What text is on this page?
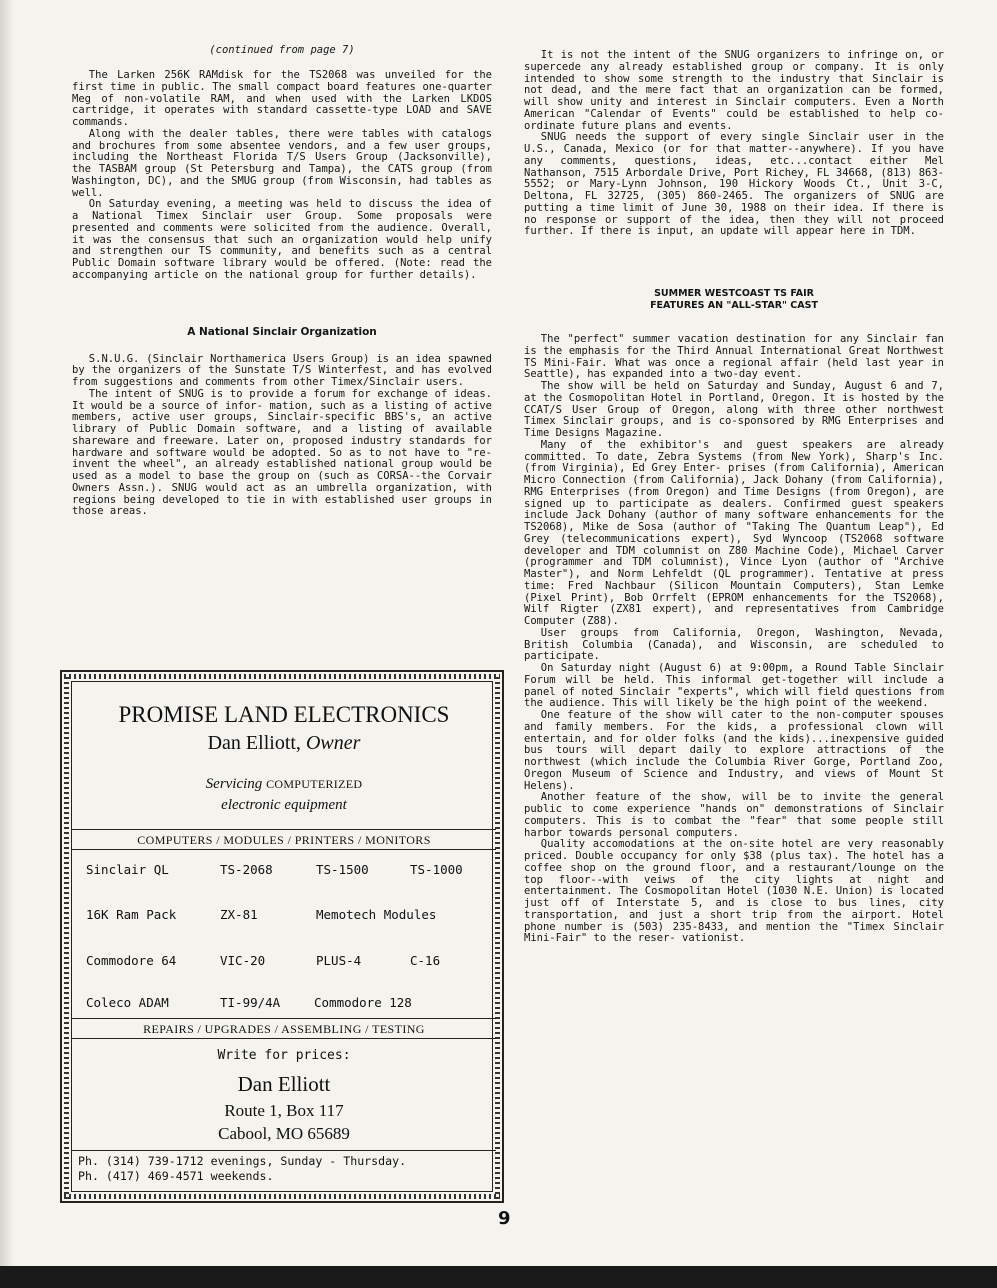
(continued from page 7)

The Larken 256K RAMdisk for the TS2068 was unveiled for the first time in public. The small compact board features one-quarter Meg of non-volatile RAM, and when used with the Larken LKDOS cartridge, it operates with standard cassette-type LOAD and SAVE commands.

Along with the dealer tables, there were tables with catalogs and brochures from some absentee vendors, and a few user groups, including the Northeast Florida T/S Users Group (Jacksonville), the TASBAM group (St Petersburg and Tampa), the CATS group (from Washington, DC), and the SMUG group (from Wisconsin, had tables as well.

On Saturday evening, a meeting was held to discuss the idea of a National Timex Sinclair user Group. Some proposals were presented and comments were solicited from the audience. Overall, it was the consensus that such an organization would help unify and strengthen our TS community, and benefits such as a central Public Domain software library would be offered. (Note: read the accompanying article on the national group for further details).

A National Sinclair Organization

S.N.U.G. (Sinclair Northamerica Users Group) is an idea spawned by the organizers of the Sunstate T/S Winterfest, and has evolved from suggestions and comments from other Timex/Sinclair users.

The intent of SNUG is to provide a forum for exchange of ideas. It would be a source of infor- mation, such as a listing of active members, active user groups, Sinclair-specific BBS's, an active library of Public Domain software, and a listing of available shareware and freeware. Later on, proposed industry standards for hardware and software would be adopted. So as to not have to "re-invent the wheel", an already established national group would be used as a model to base the group on (such as CORSA--the Corvair Owners Assn.). SNUG would act as an umbrella organization, with regions being developed to tie in with established user groups in those areas.

PROMISE LAND ELECTRONICS
Dan Elliott, Owner
Servicing COMPUTERIZED
electronic equipment
COMPUTERS / MODULES / PRINTERS / MONITORS
Sinclair QL	TS-2068	TS-1500	TS-1000
16K Ram Pack	ZX-81	Memotech Modules
Commodore 64	VIC-20	PLUS-4	C-16
Coleco ADAM	TI-99/4A	Commodore 128
REPAIRS / UPGRADES / ASSEMBLING / TESTING
Write for prices:
Dan Elliott
Route 1, Box 117
Cabool, MO 65689
Ph. (314) 739-1712 evenings, Sunday - Thursday.
Ph. (417) 469-4571 weekends.

It is not the intent of the SNUG organizers to infringe on, or supercede any already established group or company. It is only intended to show some strength to the industry that Sinclair is not dead, and the mere fact that an organization can be formed, will show unity and interest in Sinclair computers. Even a North American "Calendar of Events" could be established to help co-ordinate future plans and events.

SNUG needs the support of every single Sinclair user in the U.S., Canada, Mexico (or for that matter--anywhere). If you have any comments, questions, ideas, etc...contact either Mel Nathanson, 7515 Arbordale Drive, Port Richey, FL 34668, (813) 863-5552; or Mary-Lynn Johnson, 190 Hickory Woods Ct., Unit 3-C, Deltona, FL 32725, (305) 860-2465. The organizers of SNUG are putting a time limit of June 30, 1988 on their idea. If there is no response or support of the idea, then they will not proceed further. If there is input, an update will appear here in TDM.

SUMMER WESTCOAST TS FAIR
FEATURES AN "ALL-STAR" CAST

The "perfect" summer vacation destination for any Sinclair fan is the emphasis for the Third Annual International Great Northwest TS Mini-Fair. What was once a regional affair (held last year in Seattle), has expanded into a two-day event.

The show will be held on Saturday and Sunday, August 6 and 7, at the Cosmopolitan Hotel in Portland, Oregon. It is hosted by the CCAT/S User Group of Oregon, along with three other northwest Timex Sinclair groups, and is co-sponsored by RMG Enterprises and Time Designs Magazine.

Many of the exhibitor's and guest speakers are already committed. To date, Zebra Systems (from New York), Sharp's Inc. (from Virginia), Ed Grey Enter- prises (from California), American Micro Connection (from California), Jack Dohany (from California), RMG Enterprises (from Oregon) and Time Designs (from Oregon), are signed up to participate as dealers. Confirmed guest speakers include Jack Dohany (author of many software enhancements for the TS2068), Mike de Sosa (author of "Taking The Quantum Leap"), Ed Grey (telecommunications expert), Syd Wyncoop (TS2068 software developer and TDM columnist on Z80 Machine Code), Michael Carver (programmer and TDM columnist), Vince Lyon (author of "Archive Master"), and Norm Lehfeldt (QL programmer). Tentative at press time: Fred Nachbaur (Silicon Mountain Computers), Stan Lemke (Pixel Print), Bob Orrfelt (EPROM enhancements for the TS2068), Wilf Rigter (ZX81 expert), and representatives from Cambridge Computer (Z88).

User groups from California, Oregon, Washington, Nevada, British Columbia (Canada), and Wisconsin, are scheduled to participate.

On Saturday night (August 6) at 9:00pm, a Round Table Sinclair Forum will be held. This informal get-together will include a panel of noted Sinclair "experts", which will field questions from the audience. This will likely be the high point of the weekend.

One feature of the show will cater to the non-computer spouses and family members. For the kids, a professional clown will entertain, and for older folks (and the kids)...inexpensive guided bus tours will depart daily to explore attractions of the northwest (which include the Columbia River Gorge, Portland Zoo, Oregon Museum of Science and Industry, and views of Mount St Helens).

Another feature of the show, will be to invite the general public to come experience "hands on" demonstrations of Sinclair computers. This is to combat the "fear" that some people still harbor towards personal computers.

Quality accomodations at the on-site hotel are very reasonably priced. Double occupancy for only $38 (plus tax). The hotel has a coffee shop on the ground floor, and a restaurant/lounge on the top floor--with veiws of the city lights at night and entertainment. The Cosmopolitan Hotel (1030 N.E. Union) is located just off of Interstate 5, and is close to bus lines, city transportation, and just a short trip from the airport. Hotel phone number is (503) 235-8433, and mention the "Timex Sinclair Mini-Fair" to the reser- vationist.

9
